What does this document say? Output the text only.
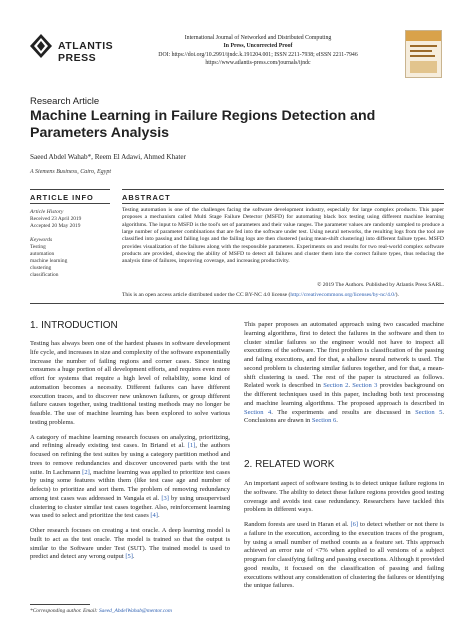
ATLANTIS
PRESS
International Journal of Networked and Distributed Computing
In Press, Uncorrected Proof
DOI: https://doi.org/10.2991/ijndc.k.191204.001; ISSN 2211-7938; eISSN 2211-7946
https://www.atlantis-press.com/journals/ijndc
Research Article
Machine Learning in Failure Regions Detection and Parameters Analysis
Saeed Abdel Wahab*, Reem El Adawi, Ahmed Khater
A Siemens Business, Cairo, Egypt
ARTICLE INFO
Article History
Received 23 April 2019
Accepted 20 May 2019
Keywords
Testing
automation
machine learning
clustering
classification
ABSTRACT
Testing automation is one of the challenges facing the software development industry, especially for large complex products. This paper proposes a mechanism called Multi Stage Failure Detector (MSFD) for automating black box testing using different machine learning algorithms. The input to MSFD is the tool's set of parameters and their value ranges. The parameter values are randomly sampled to produce a large number of parameter combinations that are fed into the software under test. Using neural networks, the resulting logs from the tool are classified into passing and failing logs and the failing logs are then clustered (using mean-shift clustering) into different failure types. MSFD provides visualization of the failures along with the responsible parameters. Experiments on and results for two real-world complex software products are provided, showing the ability of MSFD to detect all failures and cluster them into the correct failure types, thus reducing the analysis time of failures, improving coverage, and increasing productivity.
© 2019 The Authors. Published by Atlantis Press SARL.
This is an open access article distributed under the CC BY-NC 4.0 license (http://creativecommons.org/licenses/by-nc/4.0/).
1. INTRODUCTION

Testing has always been one of the hardest phases in software development life cycle, and increases in size and complexity of the software exponentially increase the number of failing regions and corner cases. Since testing consumes a huge portion of all development efforts, and requires even more effort for systems that require a high level of reliability, some kind of automation becomes a necessity. Different failures can have different execution traces, and to discover new unknown failures, or group different failure causes together, using traditional testing methods may no longer be feasible. The use of machine learning has been explored to solve various testing problems.

A category of machine learning research focuses on analyzing, prioritizing, and refining already existing test cases. In Briand et al. [1], the authors focused on refining the test suites by using a category partition method and trees to remove redundancies and discover uncovered parts with the test suite. In Lachmann [2], machine learning was applied to prioritize test cases by using some features within them (like test case age and number of defects) to prioritize and sort them. The problem of removing redundancy among test cases was addressed in Vangala et al. [3] by using unsupervised clustering to cluster similar test cases together. Also, reinforcement learning was used to select and prioritize the test cases [4].

Other research focuses on creating a test oracle. A deep learning model is built to act as the test oracle. The model is trained so that the output is similar to the Software under Test (SUT). The trained model is used to predict and detect any wrong output [5].

This paper proposes an automated approach using two cascaded machine learning algorithms, first to detect the failures in the software and then to cluster similar failures so the engineer would not have to inspect all executions of the software. The first problem is classification of the passing and failing executions, and for that, a shallow neural network is used. The second problem is clustering similar failures together, and for that, a mean-shift clustering is used. The rest of the paper is structured as follows. Related work is described in Section 2. Section 3 provides background on the different techniques used in this paper, including both text processing and machine learning algorithms. The proposed approach is described in Section 4. The experiments and results are discussed in Section 5. Conclusions are drawn in Section 6.

2. RELATED WORK

An important aspect of software testing is to detect unique failure regions in the software. The ability to detect these failure regions provides good testing coverage and avoids test case redundancy. Researchers have tackled this problem in different ways.

Random forests are used in Haran et al. [6] to detect whether or not there is a failure in the execution, according to the execution traces of the program, by using a small number of method counts as a feature set. This approach achieved an error rate of <7% when applied to all versions of a subject program for classifying failing and passing executions. Although it provided good results, it focused on the classification of passing and failing executions without any consideration of clustering the failures or identifying the unique failures.

*Corresponding author. Email: Saeed_AbdelWahab@mentor.com
